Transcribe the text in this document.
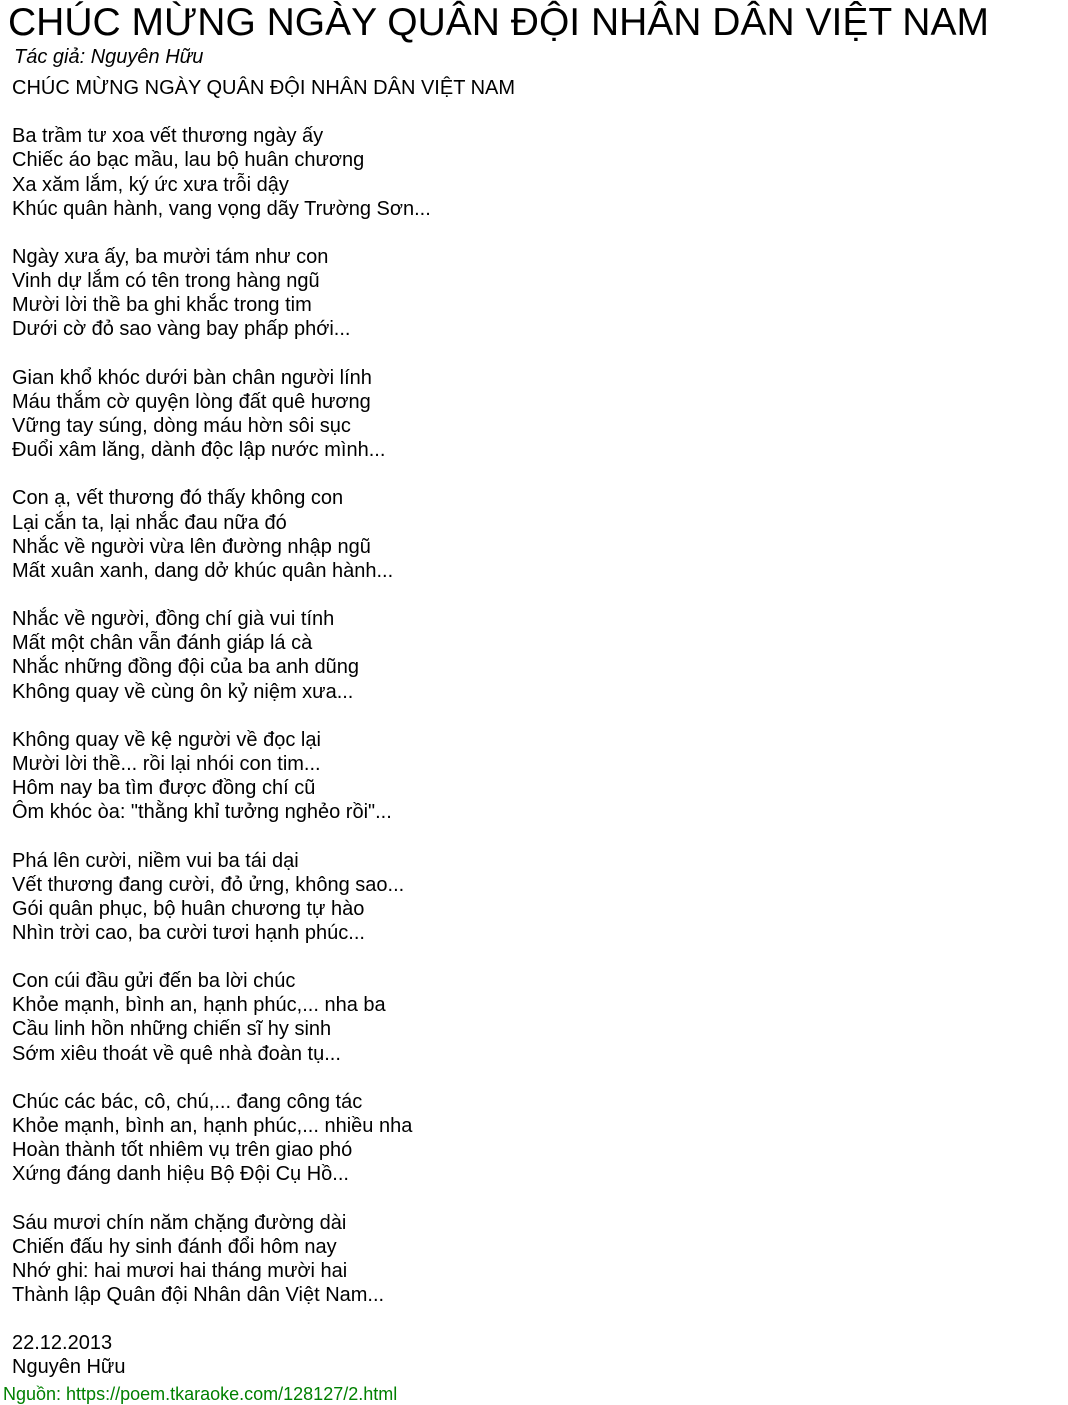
CHÚC MỪNG NGÀY QUÂN ĐỘI NHÂN DÂN VIỆT NAM
Tác giả: Nguyên Hữu
CHÚC MỪNG NGÀY QUÂN ĐỘI NHÂN DÂN VIỆT NAM
Ba trầm tư xoa vết thương ngày ấy
Chiếc áo bạc mầu, lau bộ huân chương
Xa xăm lắm, ký ức xưa trỗi dậy
Khúc quân hành, vang vọng dãy Trường Sơn...
Ngày xưa ấy, ba mười tám như con
Vinh dự lắm có tên trong hàng ngũ
Mười lời thề ba ghi khắc trong tim
Dưới cờ đỏ sao vàng bay phấp phới...
Gian khổ khóc dưới bàn chân người lính
Máu thắm cờ quyện lòng đất quê hương
Vững tay súng, dòng máu hờn sôi sục
Đuổi xâm lăng, dành độc lập nước mình...
Con ạ, vết thương đó thấy không con
Lại cắn ta, lại nhắc đau nữa đó
Nhắc về người vừa lên đường nhập ngũ
Mất xuân xanh, dang dở khúc quân hành...
Nhắc về người, đồng chí già vui tính
Mất một chân vẫn đánh giáp lá cà
Nhắc những đồng đội của ba anh dũng
Không quay về cùng ôn kỷ niệm xưa...
Không quay về kệ người về đọc lại
Mười lời thề... rồi lại nhói con tim...
Hôm nay ba tìm được đồng chí cũ
Ôm khóc òa: "thằng khỉ tưởng nghẻo rồi"...
Phá lên cười, niềm vui ba tái dại
Vết thương đang cười, đỏ ửng, không sao...
Gói quân phục, bộ huân chương tự hào
Nhìn trời cao, ba cười tươi hạnh phúc...
Con cúi đầu gửi đến ba lời chúc
Khỏe mạnh, bình an, hạnh phúc,... nha ba
Cầu linh hồn những chiến sĩ hy sinh
Sớm xiêu thoát về quê nhà đoàn tụ...
Chúc các bác, cô, chú,... đang công tác
Khỏe mạnh, bình an, hạnh phúc,... nhiều nha
Hoàn thành tốt nhiêm vụ trên giao phó
Xứng đáng danh hiệu Bộ Đội Cụ Hồ...
Sáu mươi chín năm chặng đường dài
Chiến đấu hy sinh đánh đổi hôm nay
Nhớ ghi: hai mươi hai tháng mười hai
Thành lập Quân đội Nhân dân Việt Nam...
22.12.2013
Nguyên Hữu
Nguồn: https://poem.tkaraoke.com/128127/2.html
